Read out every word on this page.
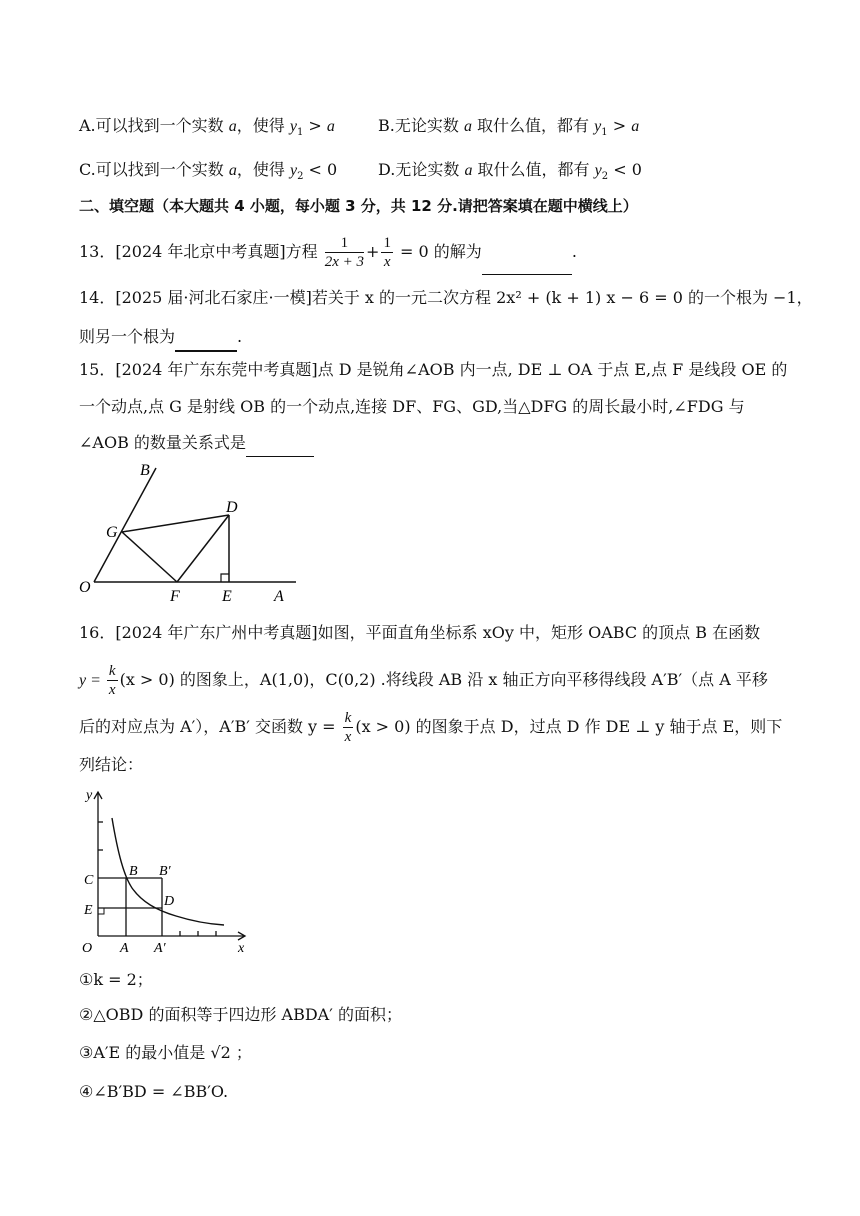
A.可以找到一个实数 a，使得 $y_1 > a$	B.无论实数 a 取什么值，都有 $y_1 > a$
C.可以找到一个实数 a，使得 $y_2 < 0$	D.无论实数 a 取什么值，都有 $y_2 < 0$
二、填空题（本大题共 4 小题，每小题 3 分，共 12 分.请把答案填在题中横线上）
13．[2024 年北京中考真题]方程 $\frac{1}{2x + 3} + \frac{1}{x} = 0$ 的解为	.
14．[2025 届·河北石家庄·一模]若关于 x 的一元二次方程 2x² + (k + 1) x − 6 = 0 的一个根为 −1，
则另一个根为	.
15．[2024 年广东东莞中考真题]点 D 是锐角∠AOB 内一点, DE ⊥ OA 于点 E,点 F 是线段 OE 的
一个动点,点 G 是射线 OB 的一个动点,连接 DF、FG、GD,当△DFG 的周长最小时,∠FDG 与
∠AOB 的数量关系式是
B
D
G
O
F	E	A
16．[2024 年广东广州中考真题]如图，平面直角坐标系 xOy 中，矩形 OABC 的顶点 B 在函数
$y = \frac{k}{x} (x > 0)$ 的图象上，A(1,0)，C(0,2) .将线段 AB 沿 x 轴正方向平移得线段 A′B′（点 A 平移
后的对应点为 A′），A′B′ 交函数 $y = \frac{k}{x} (x > 0)$ 的图象于点 D，过点 D 作 DE ⊥ y 轴于点 E，则下
列结论：
y
x
O A A′
C
E
B B′
D
①k = 2；
②△OBD 的面积等于四边形 ABDA′ 的面积；
③A′E 的最小值是 √2 ；
④∠B′BD = ∠BB′O.
